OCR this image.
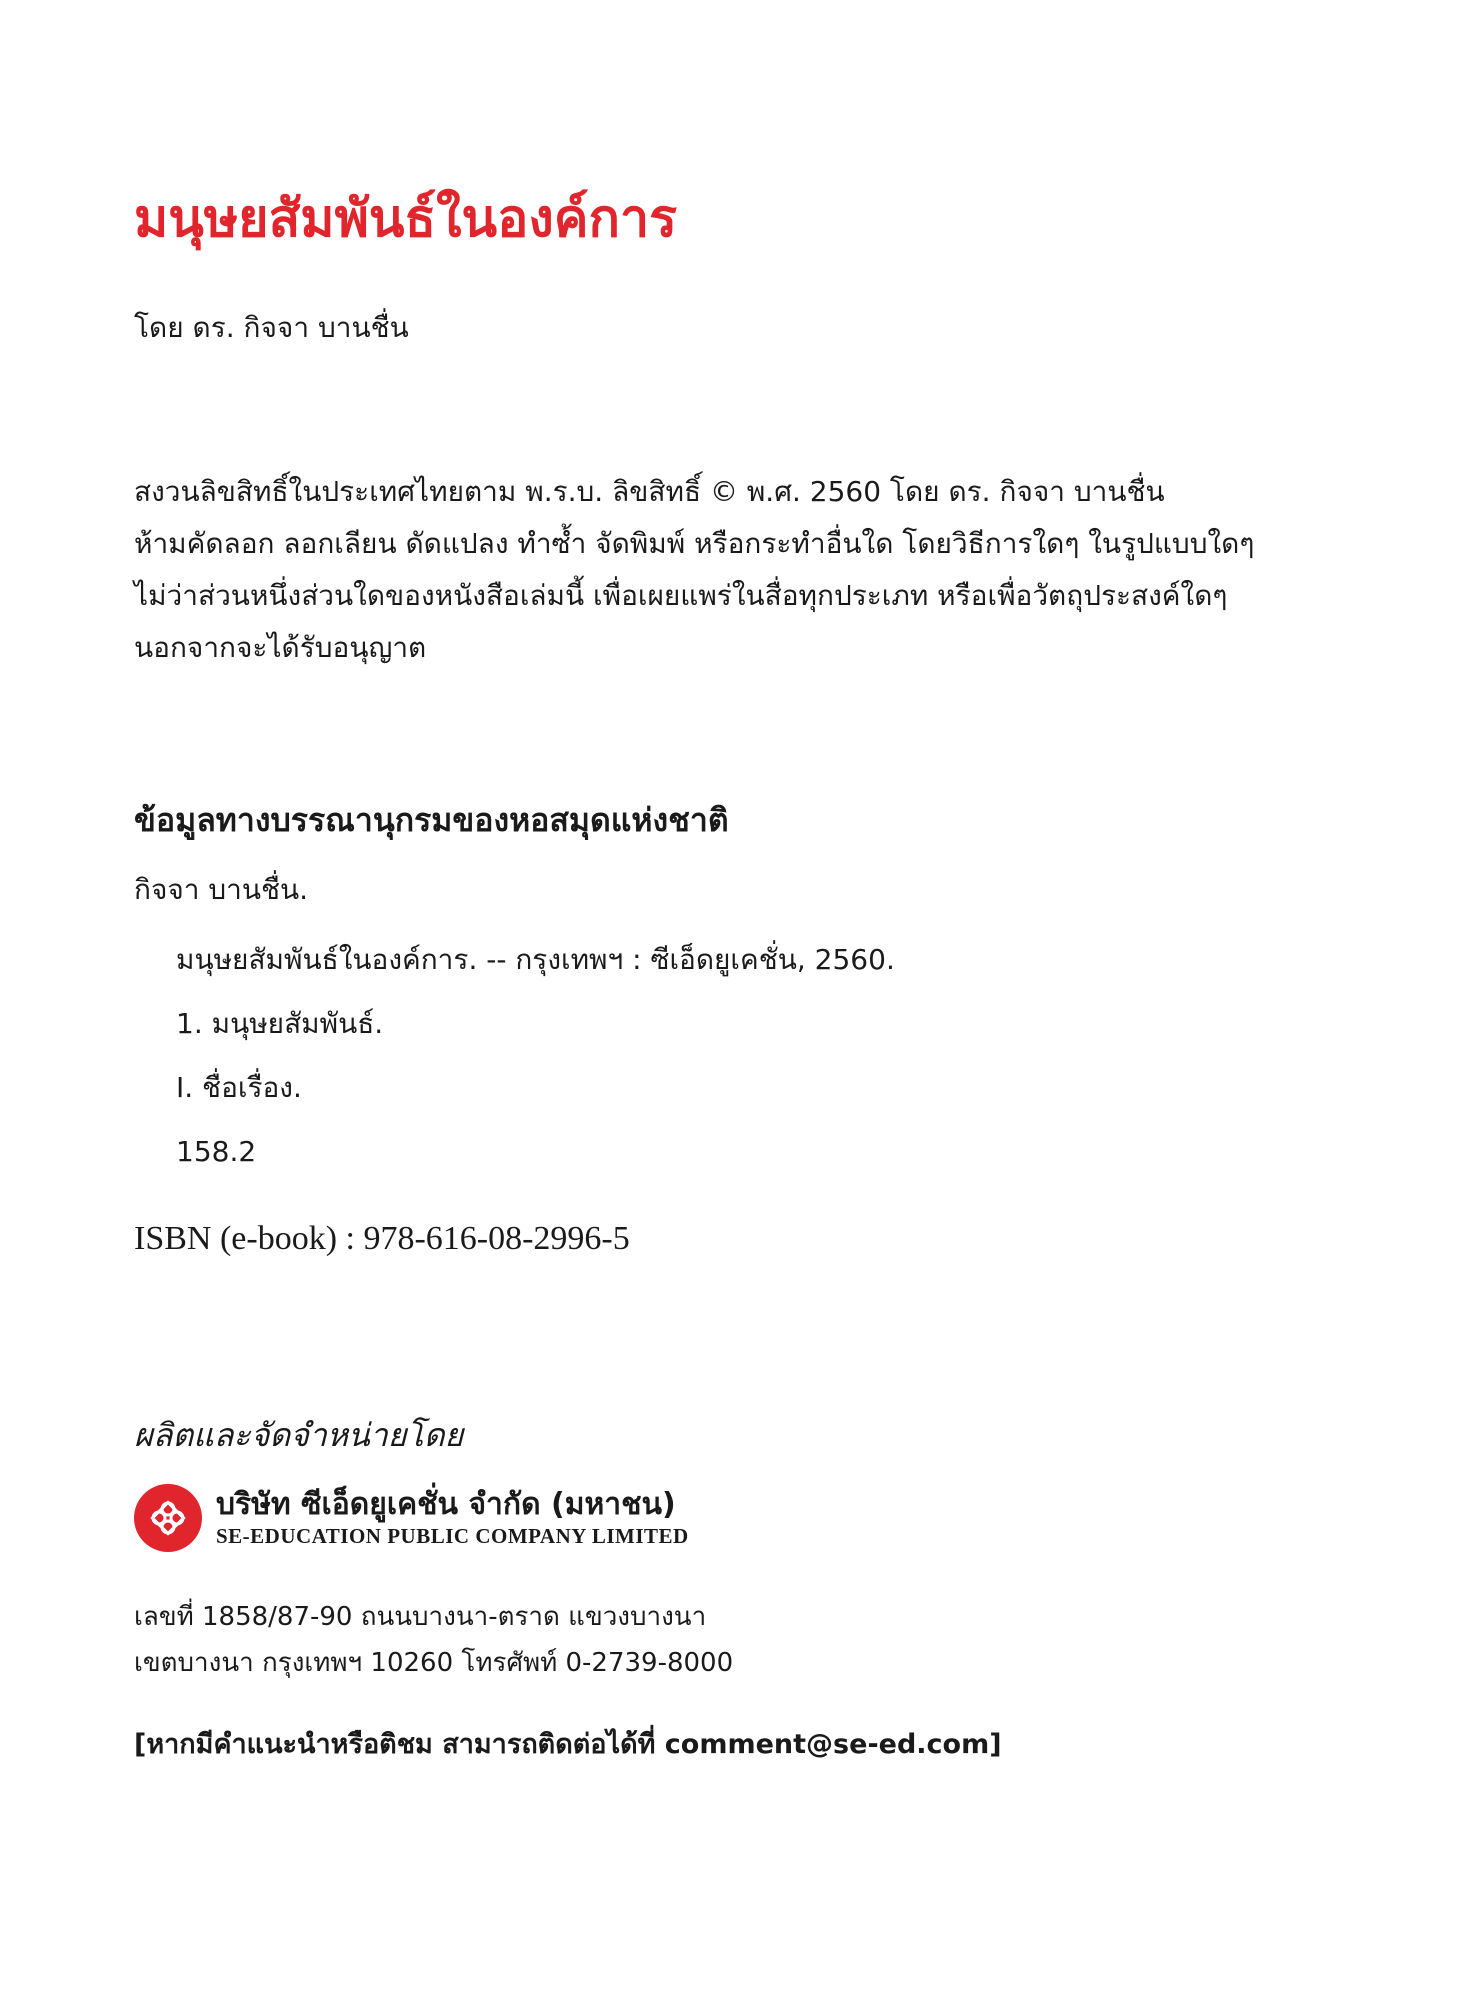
มนุษยสัมพันธ์ในองค์การ
โดย ดร. กิจจา บานชื่น
สงวนลิขสิทธิ์ในประเทศไทยตาม พ.ร.บ. ลิขสิทธิ์ © พ.ศ. 2560 โดย ดร. กิจจา บานชื่น
ห้ามคัดลอก ลอกเลียน ดัดแปลง ทำซ้ำ จัดพิมพ์ หรือกระทำอื่นใด โดยวิธีการใดๆ ในรูปแบบใดๆ
ไม่ว่าส่วนหนึ่งส่วนใดของหนังสือเล่มนี้ เพื่อเผยแพร่ในสื่อทุกประเภท หรือเพื่อวัตถุประสงค์ใดๆ
นอกจากจะได้รับอนุญาต
ข้อมูลทางบรรณานุกรมของหอสมุดแห่งชาติ
กิจจา บานชื่น.
มนุษยสัมพันธ์ในองค์การ. -- กรุงเทพฯ : ซีเอ็ดยูเคชั่น, 2560.
1. มนุษยสัมพันธ์.
I. ชื่อเรื่อง.
158.2
ISBN (e-book) : 978-616-08-2996-5
ผลิตและจัดจำหน่ายโดย
บริษัท ซีเอ็ดยูเคชั่น จำกัด (มหาชน)
SE-EDUCATION PUBLIC COMPANY LIMITED
เลขที่ 1858/87-90 ถนนบางนา-ตราด แขวงบางนา
เขตบางนา กรุงเทพฯ 10260 โทรศัพท์ 0-2739-8000
[หากมีคำแนะนำหรือติชม สามารถติดต่อได้ที่ comment@se-ed.com]
